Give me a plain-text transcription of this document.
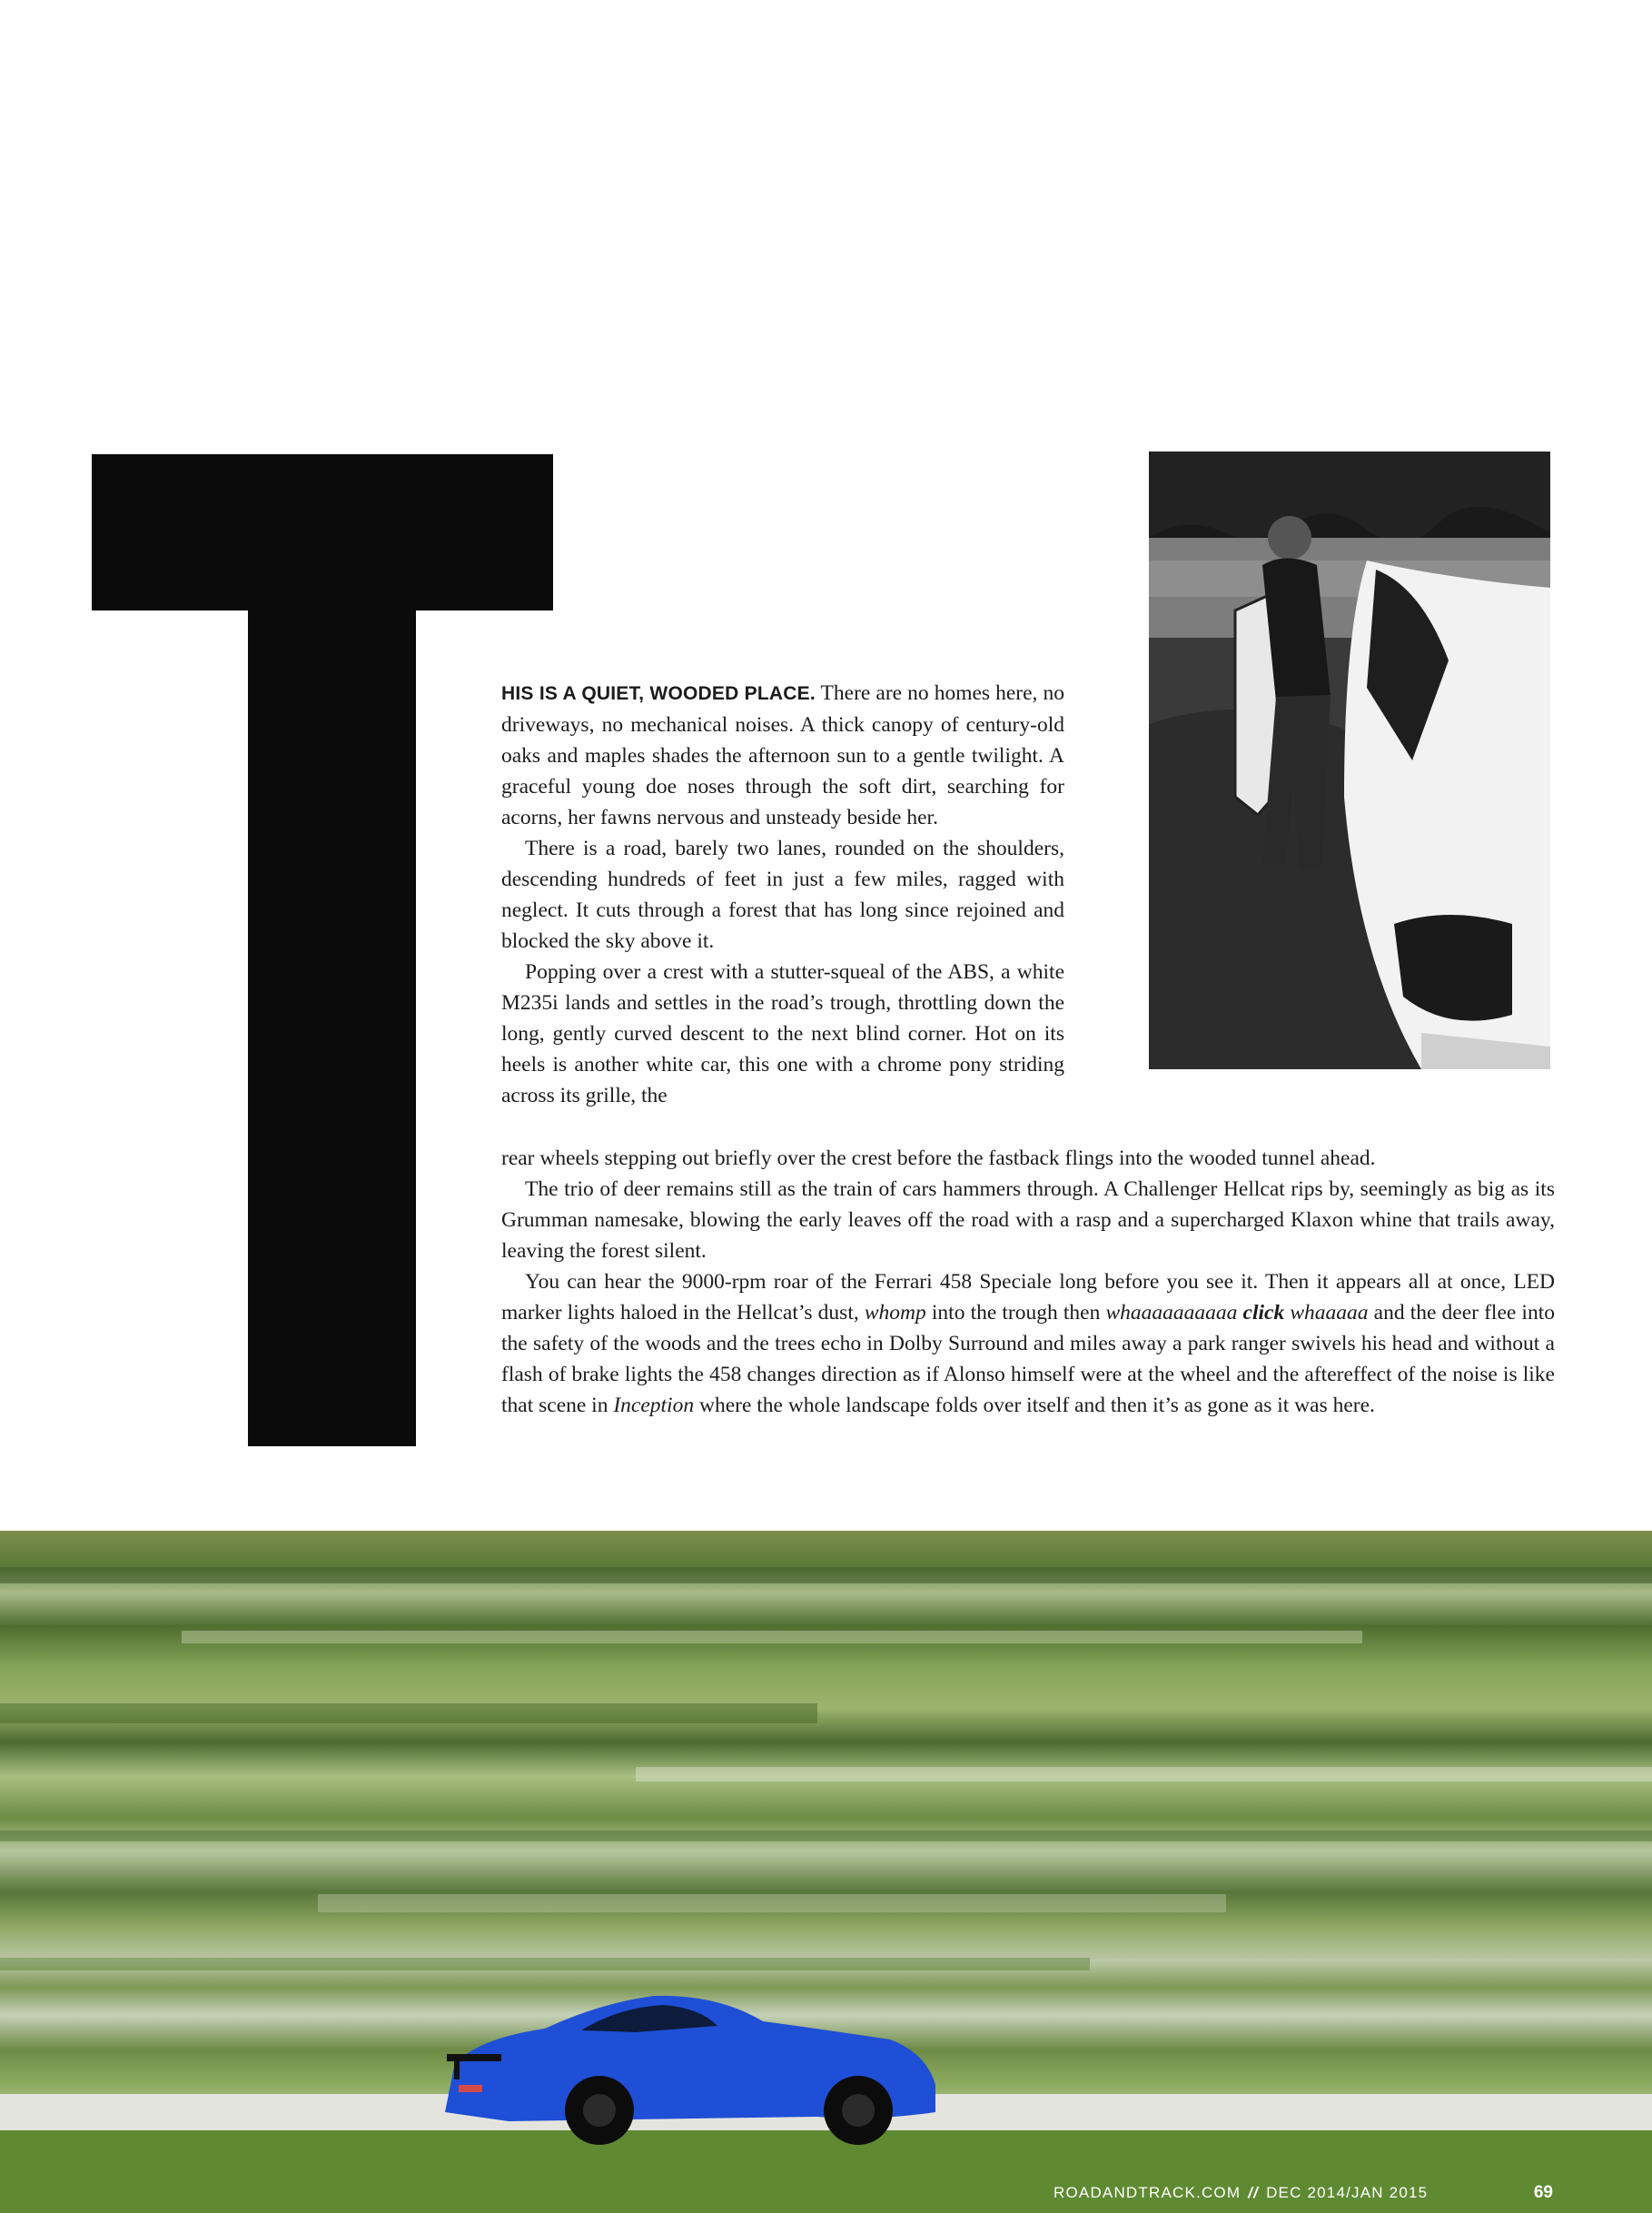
HIS IS A QUIET, WOODED PLACE. There are no homes here, no driveways, no mechanical noises. A thick canopy of century-old oaks and maples shades the afternoon sun to a gentle twilight. A graceful young doe noses through the soft dirt, searching for acorns, her fawns nervous and unsteady beside her.

There is a road, barely two lanes, rounded on the shoulders, descending hundreds of feet in just a few miles, ragged with neglect. It cuts through a forest that has long since rejoined and blocked the sky above it.

Popping over a crest with a stutter-squeal of the ABS, a white M235i lands and settles in the road’s trough, throttling down the long, gently curved descent to the next blind corner. Hot on its heels is another white car, this one with a chrome pony striding across its grille, the

rear wheels stepping out briefly over the crest before the fastback flings into the wooded tunnel ahead.

The trio of deer remains still as the train of cars hammers through. A Challenger Hellcat rips by, seemingly as big as its Grumman namesake, blowing the early leaves off the road with a rasp and a supercharged Klaxon whine that trails away, leaving the forest silent.

You can hear the 9000-rpm roar of the Ferrari 458 Speciale long before you see it. Then it appears all at once, LED marker lights haloed in the Hellcat’s dust, whomp into the trough then whaaaaaaaaaa click whaaaaa and the deer flee into the safety of the woods and the trees echo in Dolby Surround and miles away a park ranger swivels his head and without a flash of brake lights the 458 changes direction as if Alonso himself were at the wheel and the aftereffect of the noise is like that scene in Inception where the whole landscape folds over itself and then it’s as gone as it was here.

ROADANDTRACK.COM // DEC 2014/JAN 2015	69
